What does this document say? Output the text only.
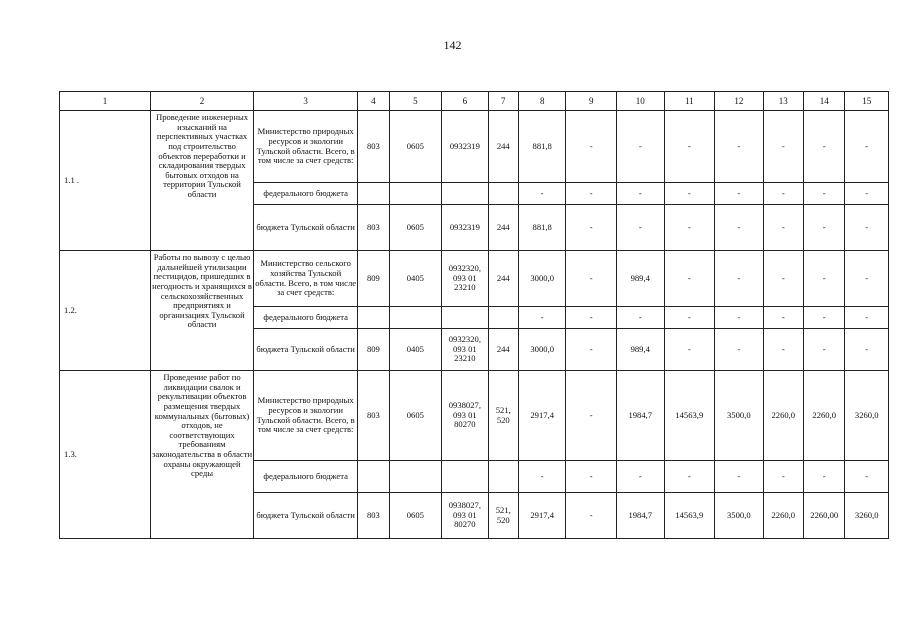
142
1	2	3	4	5	6	7	8	9	10	11	12	13	14	15
1.1 .	Проведение инженерных изысканий на перспективных участках под строительство объектов переработки и складирования твердых бытовых отходов на территории Тульской области	Министерство природных ресурсов и экологии Тульской области. Всего, в том числе за счет средств:	803	0605	0932319	244	881,8	-	-	-	-	-	-	-
		федерального бюджета					-	-	-	-	-	-	-	-
		бюджета Тульской области	803	0605	0932319	244	881,8	-	-	-	-	-	-	-
1.2.	Работы по вывозу с целью дальнейшей утилизации пестицидов, пришедших в негодность и хранящихся в сельскохозяйственных предприятиях и организациях Тульской области	Министерство сельского хозяйства Тульской области. Всего, в том числе за счет средств:	809	0405	0932320, 093 01 23210	244	3000,0	-	989,4	-	-	-	-	-
		федерального бюджета					-	-	-	-	-	-	-	-
		бюджета Тульской области	809	0405	0932320, 093 01 23210	244	3000,0	-	989,4	-	-	-	-	-
1.3.	Проведение работ по ликвидации свалок и рекультивации объектов размещения твердых коммунальных (бытовых) отходов, не соответствующих требованиям законодательства в области охраны окружающей среды	Министерство природных ресурсов и экологии Тульской области. Всего, в том числе за счет средств:	803	0605	0938027, 093 01 80270	521, 520	2917,4	-	1984,7	14563,9	3500,0	2260,0	2260,0	3260,0
		федерального бюджета					-	-	-	-	-	-	-	-
		бюджета Тульской области	803	0605	0938027, 093 01 80270	521, 520	2917,4	-	1984,7	14563,9	3500,0	2260,0	2260,00	3260,0
